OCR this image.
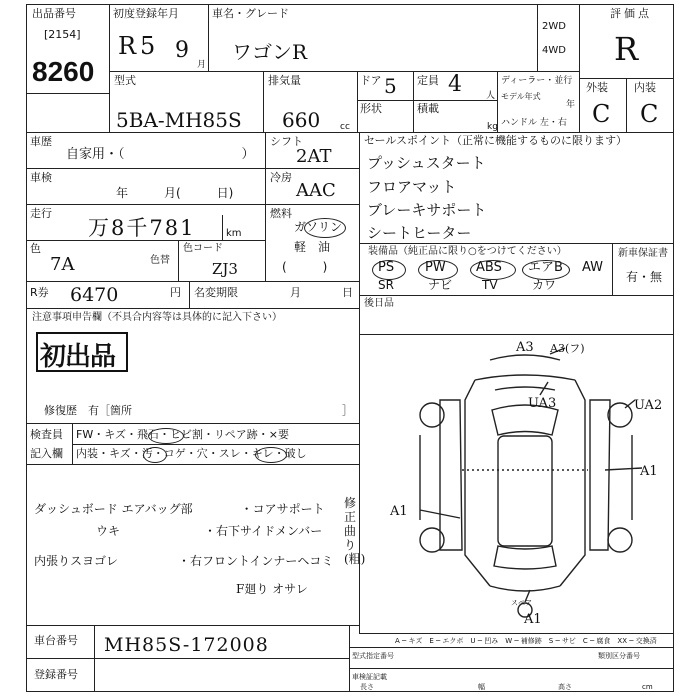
出品番号
[2154]
8260
初度登録年月
R 5 9
月
車名・グレード
ワゴンR
2WD
4WD
評価点
R
型式
5BA-MH85S
排気量
660 cc
ドア 5 定員 4	人
形状	積載
kg
ディーラー・並行
モデル年式
年
ハンドル 左・右
外装 内装
C C
車歴
自家用・（　　　　　　　　　）
車検
年　　　月(　　　日)
走行
万8千781	km
色
7A	色替
色コード
ZJ3
シフト
2AT
冷房
AAC
燃料
ガソリン
軽　油
(　　　)
セールスポイント（正常に機能するものに限ります）
プッシュスタート
フロアマット
ブレーキサポート
シートヒーター
装備品（純正品に限り○をつけてください）	新車保証書
有・無
PS PW ABS エアB AW
SR	ナビ TV	カワ
R券 6470	円 名変期限	月	日
後日品
注意事項申告欄（不具合内容等は具体的に記入下さい）
初出品
修復歴　有［箇所	］
検査員
記入欄
FW・キズ・飛石・ヒビ割・リペア跡・×要
内装・キズ・汚・コゲ・穴・スレ・キレ・破し
ダッシュボード エアバッグ部　　　　・コアサポート
ウキ　　　　　　　・右下サイドメンバー
修正曲り(粗)
内張りスヨゴレ　　　　　・右フロントインナーヘコミ
F廻り オサレ
A3 A3(フ)
UA3	UA2
A1
A1
A1
スペア
A ─ キズ　E ─ エクボ　U ─ 凹み　W ─ 補修跡　S ─ サビ　C ─ 腐食　XX ─ 交換済
車台番号 MH85S-172008
登録番号
型式指定番号	類別区分番号
車検証記載
長さ	幅	高さ	cm
